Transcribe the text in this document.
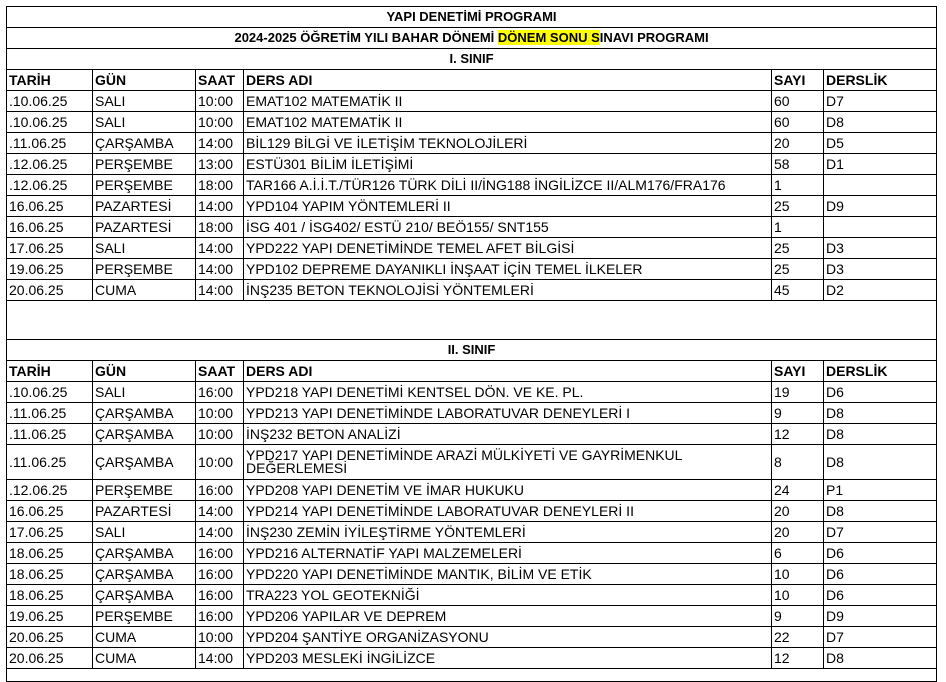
YAPI DENETİMİ PROGRAMI					
2024-2025 ÖĞRETİM YILI BAHAR DÖNEMİ DÖNEM SONU SINAVI PROGRAMI					
I. SINIF					
TARİH	GÜN	SAAT	DERS ADI	SAYI	DERSLİK
.10.06.25	SALI	10:00	EMAT102 MATEMATİK II	60	D7
.10.06.25	SALI	10:00	EMAT102 MATEMATİK II	60	D8
.11.06.25	ÇARŞAMBA	14:00	BİL129 BİLGİ VE İLETİŞİM TEKNOLOJİLERİ	20	D5
.12.06.25	PERŞEMBE	13:00	ESTÜ301 BİLİM İLETİŞİMİ	58	D1
.12.06.25	PERŞEMBE	18:00	TAR166 A.İ.İ.T./TÜR126 TÜRK DİLİ II/İNG188 İNGİLİZCE II/ALM176/FRA176	1	
16.06.25	PAZARTESİ	14:00	YPD104 YAPIM YÖNTEMLERİ II	25	D9
16.06.25	PAZARTESİ	18:00	İSG 401 / İSG402/ ESTÜ 210/ BEÖ155/ SNT155	1	
17.06.25	SALI	14:00	YPD222 YAPI DENETİMİNDE TEMEL AFET BİLGİSİ	25	D3
19.06.25	PERŞEMBE	14:00	YPD102 DEPREME DAYANIKLI İNŞAAT İÇİN TEMEL İLKELER	25	D3
20.06.25	CUMA	14:00	İNŞ235 BETON TEKNOLOJİSİ YÖNTEMLERİ	45	D2

II. SINIF					
TARİH	GÜN	SAAT	DERS ADI	SAYI	DERSLİK
.10.06.25	SALI	16:00	YPD218 YAPI DENETİMİ KENTSEL DÖN. VE KE. PL.	19	D6
.11.06.25	ÇARŞAMBA	10:00	YPD213 YAPI DENETİMİNDE LABORATUVAR DENEYLERİ I	9	D8
.11.06.25	ÇARŞAMBA	10:00	İNŞ232 BETON ANALİZİ	12	D8
.11.06.25	ÇARŞAMBA	10:00	YPD217 YAPI DENETİMİNDE ARAZİ MÜLKİYETİ VE GAYRİMENKUL DEĞERLEMESİ	8	D8
.12.06.25	PERŞEMBE	16:00	YPD208 YAPI DENETİM VE İMAR HUKUKU	24	P1
16.06.25	PAZARTESİ	14:00	YPD214 YAPI DENETİMİNDE LABORATUVAR DENEYLERİ II	20	D8
17.06.25	SALI	14:00	İNŞ230 ZEMİN İYİLEŞTİRME YÖNTEMLERİ	20	D7
18.06.25	ÇARŞAMBA	16:00	YPD216 ALTERNATİF YAPI MALZEMELERİ	6	D6
18.06.25	ÇARŞAMBA	16:00	YPD220 YAPI DENETİMİNDE MANTIK, BİLİM VE ETİK	10	D6
18.06.25	ÇARŞAMBA	16:00	TRA223 YOL GEOTEKNİĞİ	10	D6
19.06.25	PERŞEMBE	16:00	YPD206 YAPILAR VE DEPREM	9	D9
20.06.25	CUMA	10:00	YPD204 ŞANTİYE ORGANİZASYONU	22	D7
20.06.25	CUMA	14:00	YPD203 MESLEKİ İNGİLİZCE	12	D8
